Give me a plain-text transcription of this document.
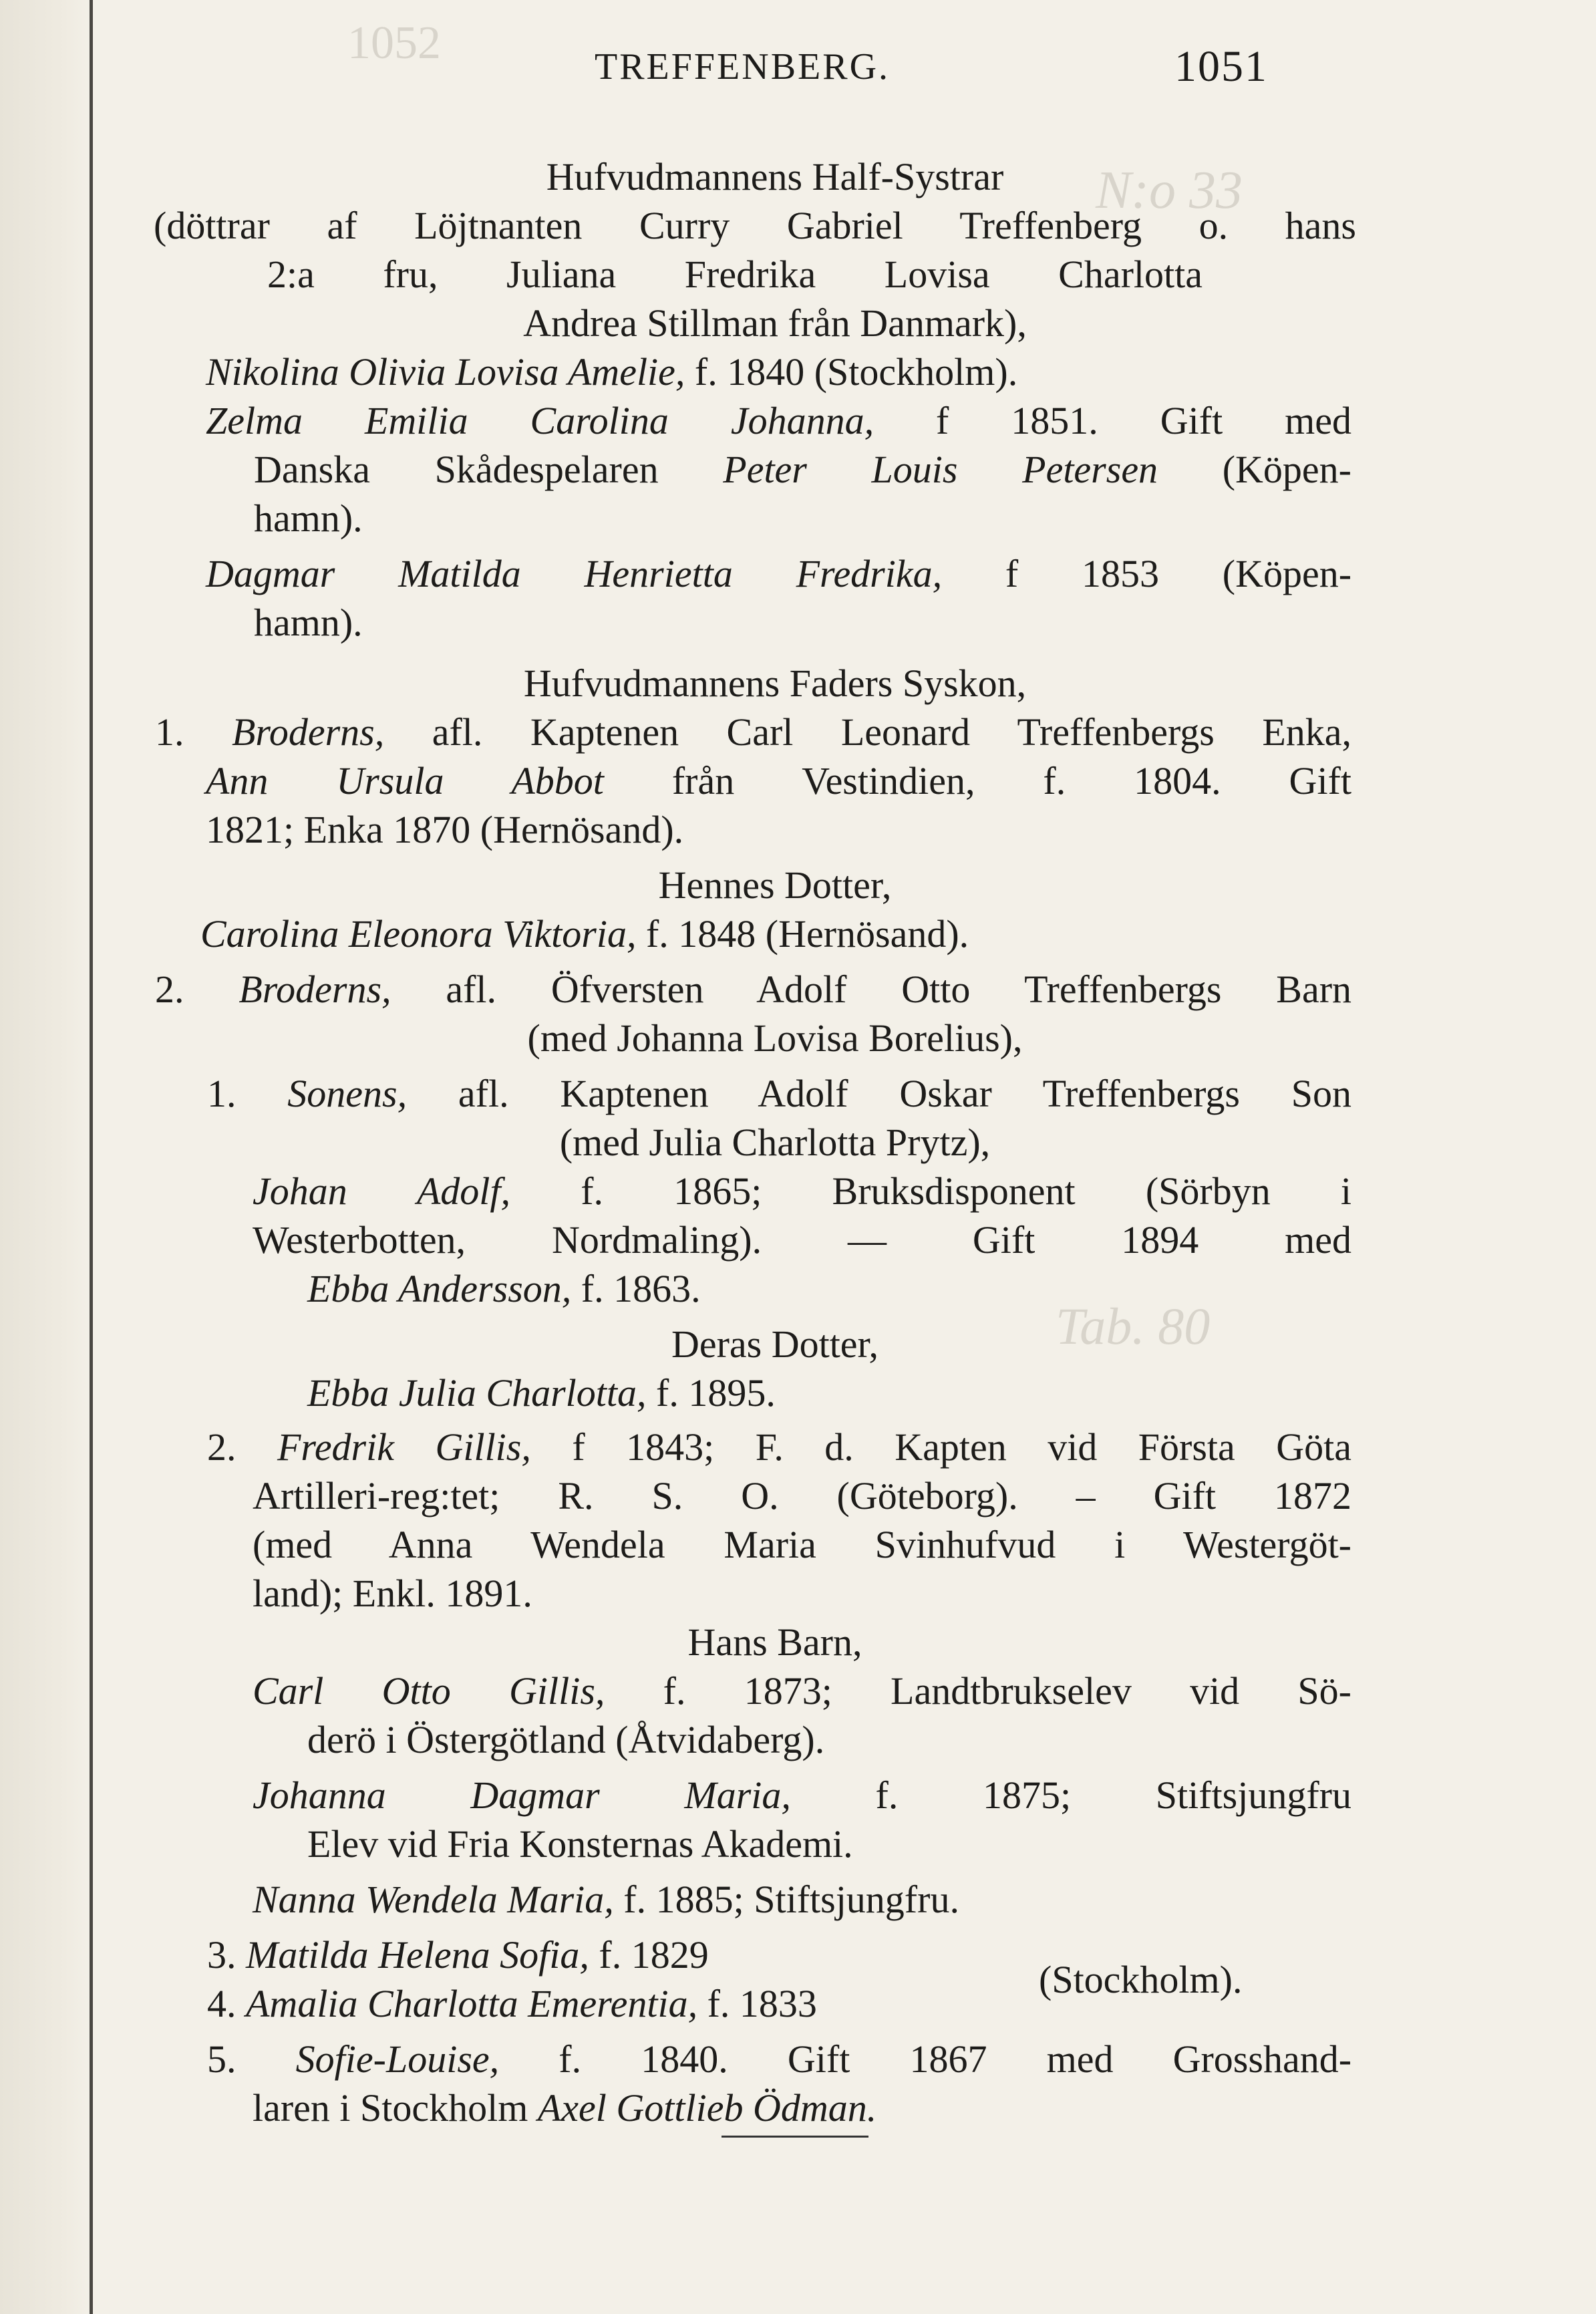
1052
N:o 33
Tab. 80
TREFFENBERG.	1051

Hufvudmannens Half-Systrar

(döttrar af Löjtnanten Curry Gabriel Treffenberg o. hans

2:a fru, Juliana Fredrika Lovisa Charlotta

Andrea Stillman från Danmark),

Nikolina Olivia Lovisa Amelie, f. 1840 (Stockholm).

Zelma Emilia Carolina Johanna, f 1851. Gift med

Danska Skådespelaren Peter Louis Petersen (Köpen-

hamn).

Dagmar Matilda Henrietta Fredrika, f 1853 (Köpen-

hamn).

Hufvudmannens Faders Syskon,

1. Broderns, afl. Kaptenen Carl Leonard Treffenbergs Enka,

Ann Ursula Abbot från Vestindien, f. 1804. Gift

1821; Enka 1870 (Hernösand).

Hennes Dotter,

Carolina Eleonora Viktoria, f. 1848 (Hernösand).

2. Broderns, afl. Öfversten Adolf Otto Treffenbergs Barn

(med Johanna Lovisa Borelius),

1. Sonens, afl. Kaptenen Adolf Oskar Treffenbergs Son

(med Julia Charlotta Prytz),

Johan Adolf, f. 1865; Bruksdisponent (Sörbyn i

Westerbotten, Nordmaling). — Gift 1894 med

Ebba Andersson, f. 1863.

Deras Dotter,

Ebba Julia Charlotta, f. 1895.

2. Fredrik Gillis, f 1843; F. d. Kapten vid Första Göta

Artilleri-reg:tet; R. S. O. (Göteborg). – Gift 1872

(med Anna Wendela Maria Svinhufvud i Westergöt-

land); Enkl. 1891.

Hans Barn,

Carl Otto Gillis, f. 1873; Landtbrukselev vid Sö-

derö i Östergötland (Åtvidaberg).

Johanna Dagmar Maria, f. 1875; Stiftsjungfru

Elev vid Fria Konsternas Akademi.

Nanna Wendela Maria, f. 1885; Stiftsjungfru.

3. Matilda Helena Sofia, f. 1829

4. Amalia Charlotta Emerentia, f. 1833

(Stockholm).

5. Sofie-Louise, f. 1840. Gift 1867 med Grosshand-

laren i Stockholm Axel Gottlieb Ödman.
